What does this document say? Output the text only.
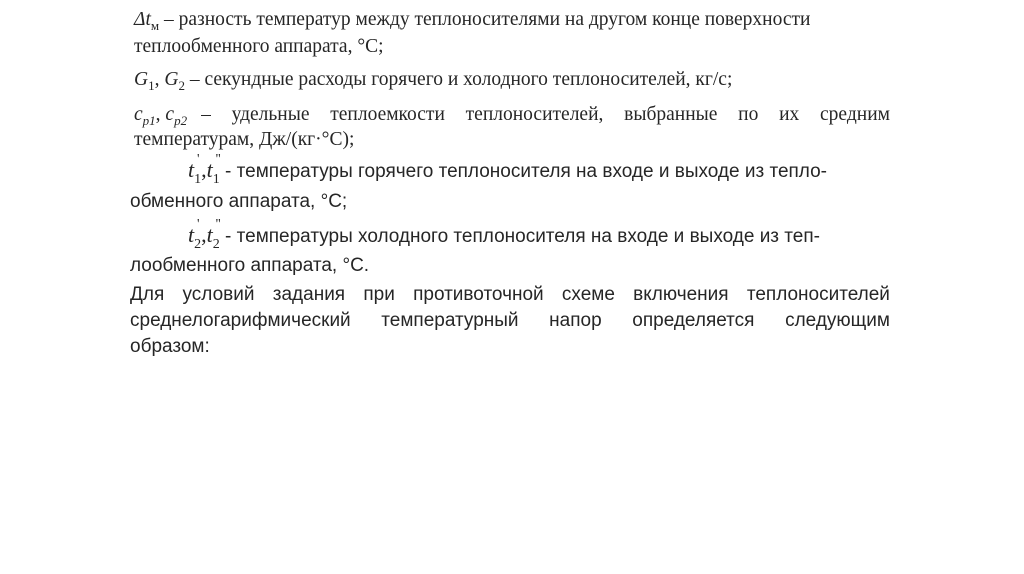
$\Delta t_м$ – разность температур между теплоносителями на другом конце поверхности
теплообменного аппарата, °С;
$G_1$, $G_2$ – секундные расходы горячего и холодного теплоносителей, кг/с;
$c_{p1}$, $c_{p2}$ – удельные теплоемкости теплоносителей, выбранные по их средним
температурам, Дж/(кг·°С);
t '
$_1$,t ''
$_1$ - температуры горячего теплоносителя на входе и выходе из тепло-
обменного аппарата, °С;
t '
$_2$,t ''
$_2$ - температуры холодного теплоносителя на входе и выходе из теп-
лообменного аппарата, °С.
Для условий задания при противоточной схеме включения теплоносителей
среднелогарифмический температурный напор определяется следующим
образом:
